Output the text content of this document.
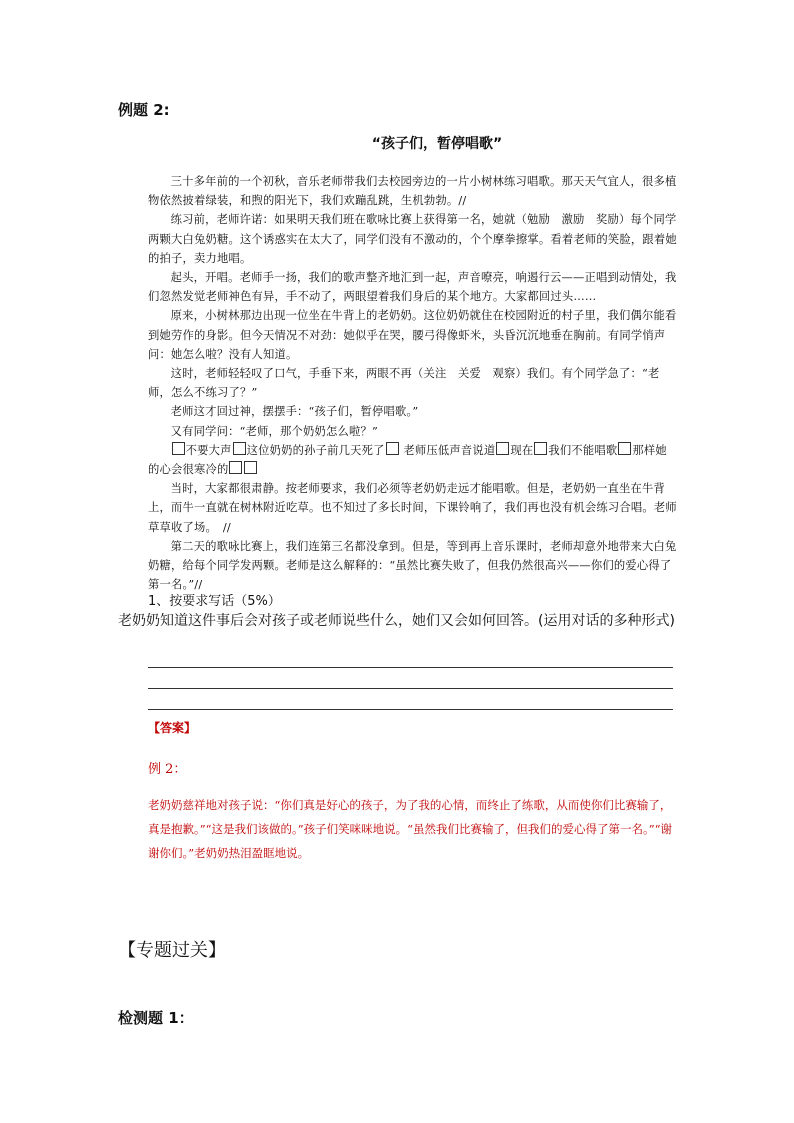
例题 2:
“孩子们，暂停唱歌”

三十多年前的一个初秋，音乐老师带我们去校园旁边的一片小树林练习唱歌。那天天气宜人，很多植物依然披着绿装，和煦的阳光下，我们欢蹦乱跳，生机勃勃。//

练习前，老师许诺：如果明天我们班在歌咏比赛上获得第一名，她就（勉励　激励　奖励）每个同学两颗大白兔奶糖。这个诱惑实在太大了，同学们没有不激动的，个个摩拳擦掌。看着老师的笑脸，跟着她的拍子，卖力地唱。

起头，开唱。老师手一扬，我们的歌声整齐地汇到一起，声音嘹亮，响遏行云——正唱到动情处，我们忽然发觉老师神色有异，手不动了，两眼望着我们身后的某个地方。大家都回过头……

原来，小树林那边出现一位坐在牛背上的老奶奶。这位奶奶就住在校园附近的村子里，我们偶尔能看到她劳作的身影。但今天情况不对劲：她似乎在哭，腰弓得像虾米，头昏沉沉地垂在胸前。有同学悄声问：她怎么啦？没有人知道。

这时，老师轻轻叹了口气，手垂下来，两眼不再（关注　关爱　观察）我们。有个同学急了：“老师，怎么不练习了？”

老师这才回过神，摆摆手：“孩子们，暂停唱歌。”

又有同学问：“老师，那个奶奶怎么啦？”

不要大声 这位奶奶的孙子前几天死了 老师压低声音说道 现在 我们不能唱歌 那样她的心会很寒冷的

当时，大家都很肃静。按老师要求，我们必须等老奶奶走远才能唱歌。但是，老奶奶一直坐在牛背上，而牛一直就在树林附近吃草。也不知过了多长时间，下课铃响了，我们再也没有机会练习合唱。老师草草收了场。　//

第二天的歌咏比赛上，我们连第三名都没拿到。但是，等到再上音乐课时，老师却意外地带来大白兔奶糖，给每个同学发两颗。老师是这么解释的：“虽然比赛失败了，但我仍然很高兴——你们的爱心得了第一名。”//

1、按要求写话（5%）
老奶奶知道这件事后会对孩子或老师说些什么，她们又会如何回答。(运用对话的多种形式)
【答案】
例 2：
老奶奶慈祥地对孩子说：“你们真是好心的孩子，为了我的心情，而终止了练歌，从而使你们比赛输了，真是抱歉。”“这是我们该做的。”孩子们笑咪咪地说。“虽然我们比赛输了，但我们的爱心得了第一名。”“谢谢你们。”老奶奶热泪盈眶地说。
【专题过关】
检测题 1：
